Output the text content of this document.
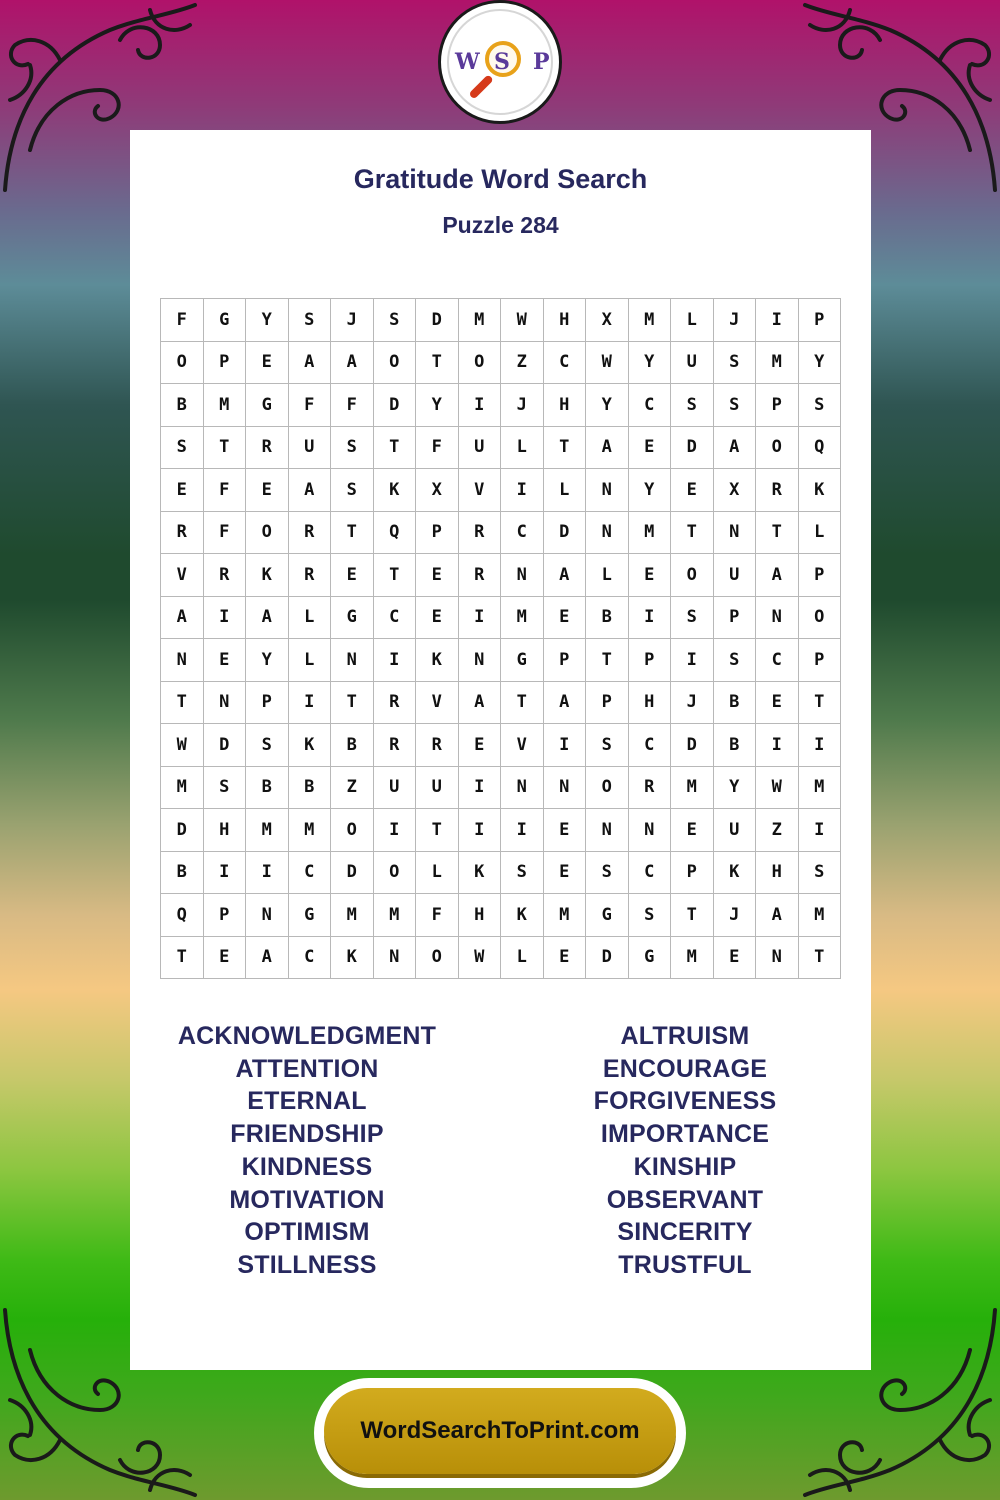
W S P
Gratitude Word Search
Puzzle 284
F	G	Y	S	J	S	D	M	W	H	X	M	L	J	I	P
O	P	E	A	A	O	T	O	Z	C	W	Y	U	S	M	Y
B	M	G	F	F	D	Y	I	J	H	Y	C	S	S	P	S
S	T	R	U	S	T	F	U	L	T	A	E	D	A	O	Q
E	F	E	A	S	K	X	V	I	L	N	Y	E	X	R	K
R	F	O	R	T	Q	P	R	C	D	N	M	T	N	T	L
V	R	K	R	E	T	E	R	N	A	L	E	O	U	A	P
A	I	A	L	G	C	E	I	M	E	B	I	S	P	N	O
N	E	Y	L	N	I	K	N	G	P	T	P	I	S	C	P
T	N	P	I	T	R	V	A	T	A	P	H	J	B	E	T
W	D	S	K	B	R	R	E	V	I	S	C	D	B	I	I
M	S	B	B	Z	U	U	I	N	N	O	R	M	Y	W	M
D	H	M	M	O	I	T	I	I	E	N	N	E	U	Z	I
B	I	I	C	D	O	L	K	S	E	S	C	P	K	H	S
Q	P	N	G	M	M	F	H	K	M	G	S	T	J	A	M
T	E	A	C	K	N	O	W	L	E	D	G	M	E	N	T
ACKNOWLEDGMENT
ATTENTION
ETERNAL
FRIENDSHIP
KINDNESS
MOTIVATION
OPTIMISM
STILLNESS
ALTRUISM
ENCOURAGE
FORGIVENESS
IMPORTANCE
KINSHIP
OBSERVANT
SINCERITY
TRUSTFUL
WordSearchToPrint.com
